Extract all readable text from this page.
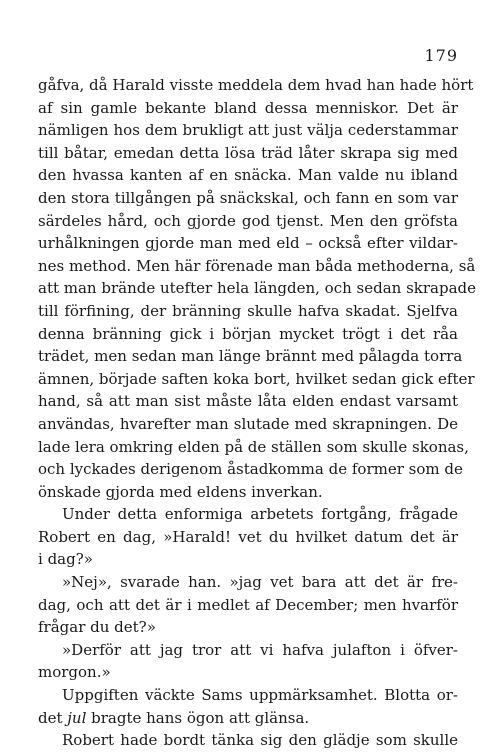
179
gåfva, då Harald visste meddela dem hvad han hade hört
af sin gamle bekante bland dessa menniskor. Det är
nämligen hos dem brukligt att just välja cederstammar
till båtar, emedan detta lösa träd låter skrapa sig med
den hvassa kanten af en snäcka. Man valde nu ibland
den stora tillgången på snäckskal, och fann en som var
särdeles hård, och gjorde god tjenst. Men den gröfsta
urhålkningen gjorde man med eld – också efter vildar-
nes method. Men här förenade man båda methoderna, så
att man brände utefter hela längden, och sedan skrapade
till förfining, der bränning skulle hafva skadat. Sjelfva
denna bränning gick i början mycket trögt i det råa
trädet, men sedan man länge brännt med pålagda torra
ämnen, började saften koka bort, hvilket sedan gick efter
hand, så att man sist måste låta elden endast varsamt
användas, hvarefter man slutade med skrapningen. De
lade lera omkring elden på de ställen som skulle skonas,
och lyckades derigenom åstadkomma de former som de
önskade gjorda med eldens inverkan.
Under detta enformiga arbetets fortgång, frågade
Robert en dag, »Harald! vet du hvilket datum det är
i dag?»
»Nej», svarade han. »jag vet bara att det är fre-
dag, och att det är i medlet af December; men hvarför
frågar du det?»
»Derför att jag tror att vi hafva julafton i öfver-
morgon.»
Uppgiften väckte Sams uppmärksamhet. Blotta or-
det jul bragte hans ögon att glänsa.
Robert hade bordt tänka sig den glädje som skulle
